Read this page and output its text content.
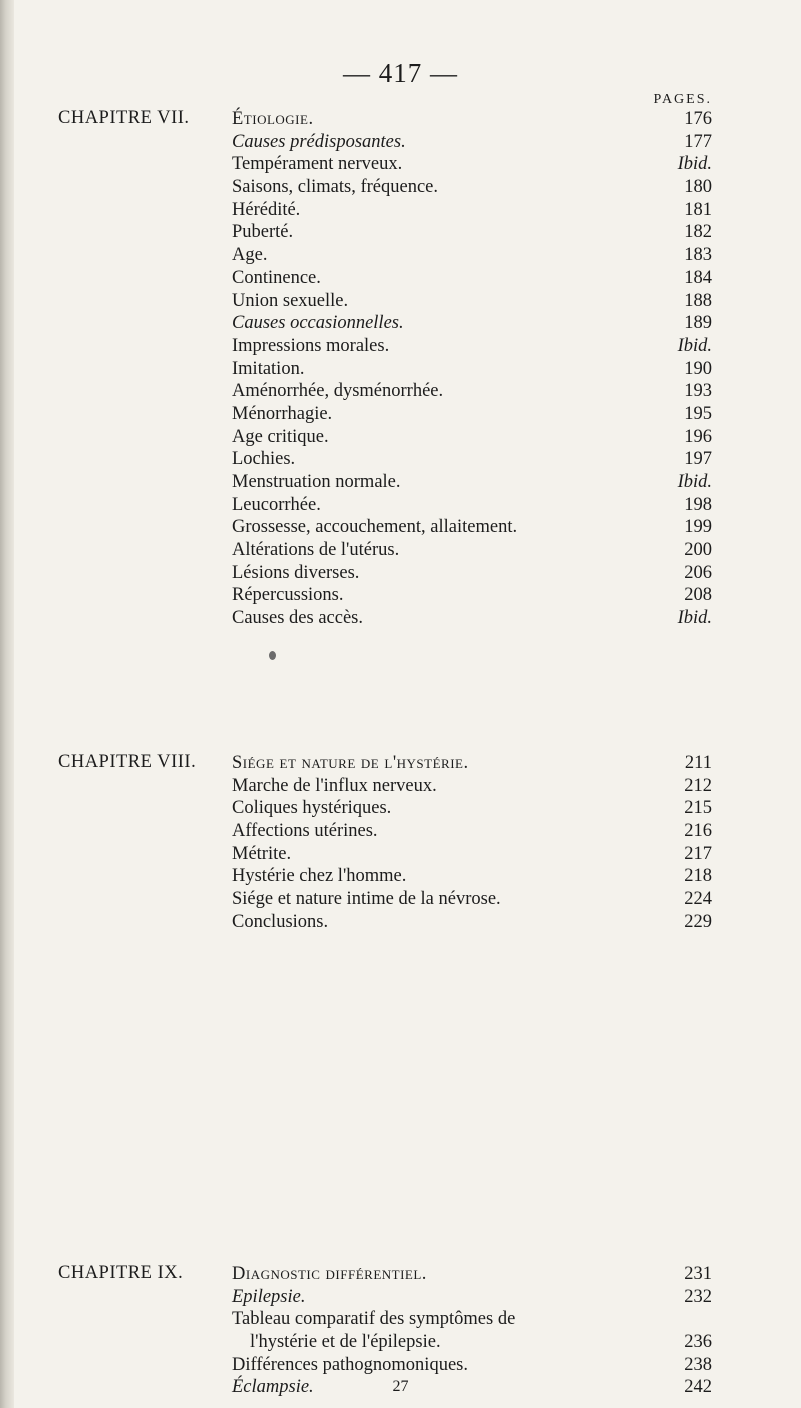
— 417 —
PAGES.
CHAPITRE VII. Étiologie.	176
Causes prédisposantes.	177
Tempérament nerveux.	Ibid.
Saisons, climats, fréquence.	180
Hérédité.	181
Puberté.	182
Age.	183
Continence.	184
Union sexuelle.	188
Causes occasionnelles.	189
Impressions morales.	Ibid.
Imitation.	190
Aménorrhée, dysménorrhée.	193
Ménorrhagie.	195
Age critique.	196
Lochies.	197
Menstruation normale.	Ibid.
Leucorrhée.	198
Grossesse, accouchement, allaitement.	199
Altérations de l'utérus.	200
Lésions diverses.	206
Répercussions.	208
Causes des accès.	Ibid.
CHAPITRE VIII. Siége et nature de l'hystérie.	211
Marche de l'influx nerveux.	212
Coliques hystériques.	215
Affections utérines.	216
Métrite.	217
Hystérie chez l'homme.	218
Siége et nature intime de la névrose.	224
Conclusions.	229
CHAPITRE IX.	Diagnostic différentiel.	231
Epilepsie.	232
Tableau comparatif des symptômes de
l'hystérie et de l'épilepsie.	236
Différences pathognomoniques.	238
Éclampsie.	242
27
